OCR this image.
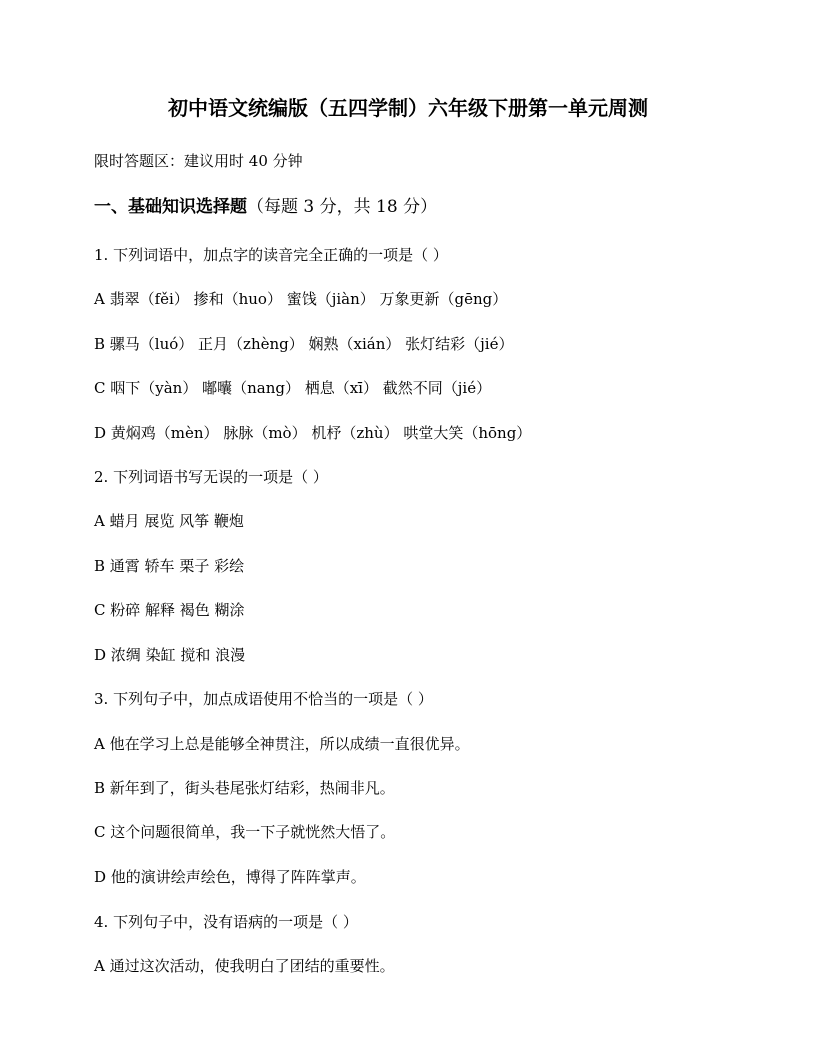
初中语文统编版（五四学制）六年级下册第一单元周测
限时答题区：建议用时 40 分钟
一、基础知识选择题（每题 3 分，共 18 分）
1. 下列词语中，加点字的读音完全正确的一项是（ ）
A 翡翠（fěi） 掺和（huo） 蜜饯（jiàn） 万象更新（gēng）
B 骡马（luó） 正月（zhèng） 娴熟（xián） 张灯结彩（jié）
C 咽下（yàn） 嘟囔（nang） 栖息（xī） 截然不同（jié）
D 黄焖鸡（mèn） 脉脉（mò） 机杼（zhù） 哄堂大笑（hōng）
2. 下列词语书写无误的一项是（ ）
A 蜡月 展览 风筝 鞭炮
B 通霄 轿车 栗子 彩绘
C 粉碎 解释 褐色 糊涂
D 浓绸 染缸 搅和 浪漫
3. 下列句子中，加点成语使用不恰当的一项是（ ）
A 他在学习上总是能够全神贯注，所以成绩一直很优异。
B 新年到了，街头巷尾张灯结彩，热闹非凡。
C 这个问题很简单，我一下子就恍然大悟了。
D 他的演讲绘声绘色，博得了阵阵掌声。
4. 下列句子中，没有语病的一项是（ ）
A 通过这次活动，使我明白了团结的重要性。
